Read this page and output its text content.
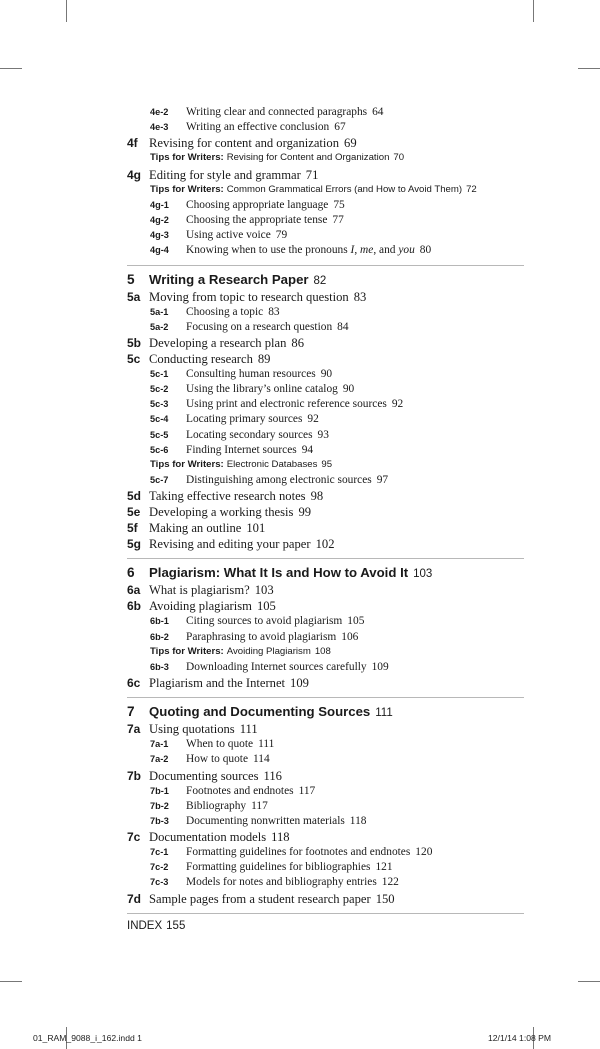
4e-2	Writing clear and connected paragraphs 64
4e-3	Writing an effective conclusion 67
4f Revising for content and organization 69
Tips for Writers: Revising for Content and Organization 70
4g Editing for style and grammar 71
Tips for Writers: Common Grammatical Errors (and How to Avoid Them) 72
4g-1	Choosing appropriate language 75
4g-2	Choosing the appropriate tense 77
4g-3	Using active voice 79
4g-4	Knowing when to use the pronouns I, me, and you 80
5	Writing a Research Paper 82
5a Moving from topic to research question 83
5a-1	Choosing a topic 83
5a-2	Focusing on a research question 84
5b Developing a research plan 86
5c Conducting research 89
5c-1	Consulting human resources 90
5c-2	Using the library’s online catalog 90
5c-3	Using print and electronic reference sources 92
5c-4	Locating primary sources 92
5c-5	Locating secondary sources 93
5c-6	Finding Internet sources 94
Tips for Writers: Electronic Databases 95
5c-7	Distinguishing among electronic sources 97
5d Taking effective research notes 98
5e Developing a working thesis 99
5f Making an outline 101
5g Revising and editing your paper 102
6	Plagiarism: What It Is and How to Avoid It 103
6a What is plagiarism? 103
6b Avoiding plagiarism 105
6b-1	Citing sources to avoid plagiarism 105
6b-2	Paraphrasing to avoid plagiarism 106
Tips for Writers: Avoiding Plagiarism 108
6b-3	Downloading Internet sources carefully 109
6c Plagiarism and the Internet 109
7	Quoting and Documenting Sources 111
7a Using quotations 111
7a-1	When to quote 111
7a-2	How to quote 114
7b Documenting sources 116
7b-1	Footnotes and endnotes 117
7b-2	Bibliography 117
7b-3	Documenting nonwritten materials 118
7c Documentation models 118
7c-1	Formatting guidelines for footnotes and endnotes 120
7c-2	Formatting guidelines for bibliographies 121
7c-3	Models for notes and bibliography entries 122
7d Sample pages from a student research paper 150
INDEX 155
01_RAM_9088_i_162.indd 1	12/1/14 1:08 PM
